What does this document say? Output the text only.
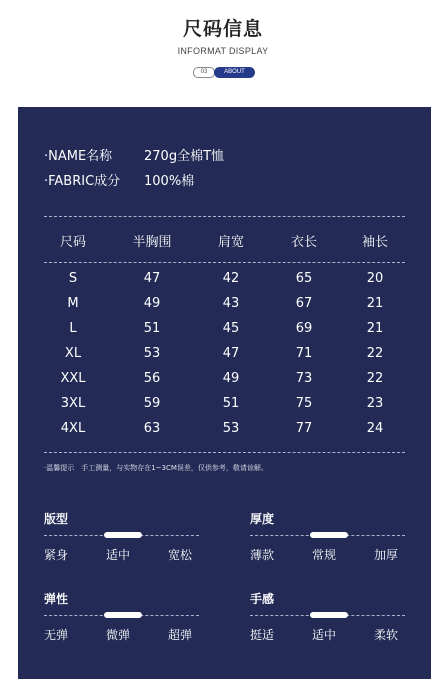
尺码信息
INFORMAT DISPLAY
03	ABOUT
·NAME名称 270g全棉T恤
·FABRIC成分 100%棉
尺码	半胸围	肩宽	衣长	袖长
S	47	42	65	20
M	49	43	67	21
L	51	45	69	21
XL	53	47	71	22
XXL	56	49	73	22
3XL	59	51	75	23
4XL	63	53	77	24
·温馨提示　手工测量，与实物存在1~3CM误差，仅供参考，敬请谅解。
版型
紧身	适中	宽松
厚度
薄款	常规	加厚
弹性
无弹	微弹	超弹
手感
挺适	适中	柔软
